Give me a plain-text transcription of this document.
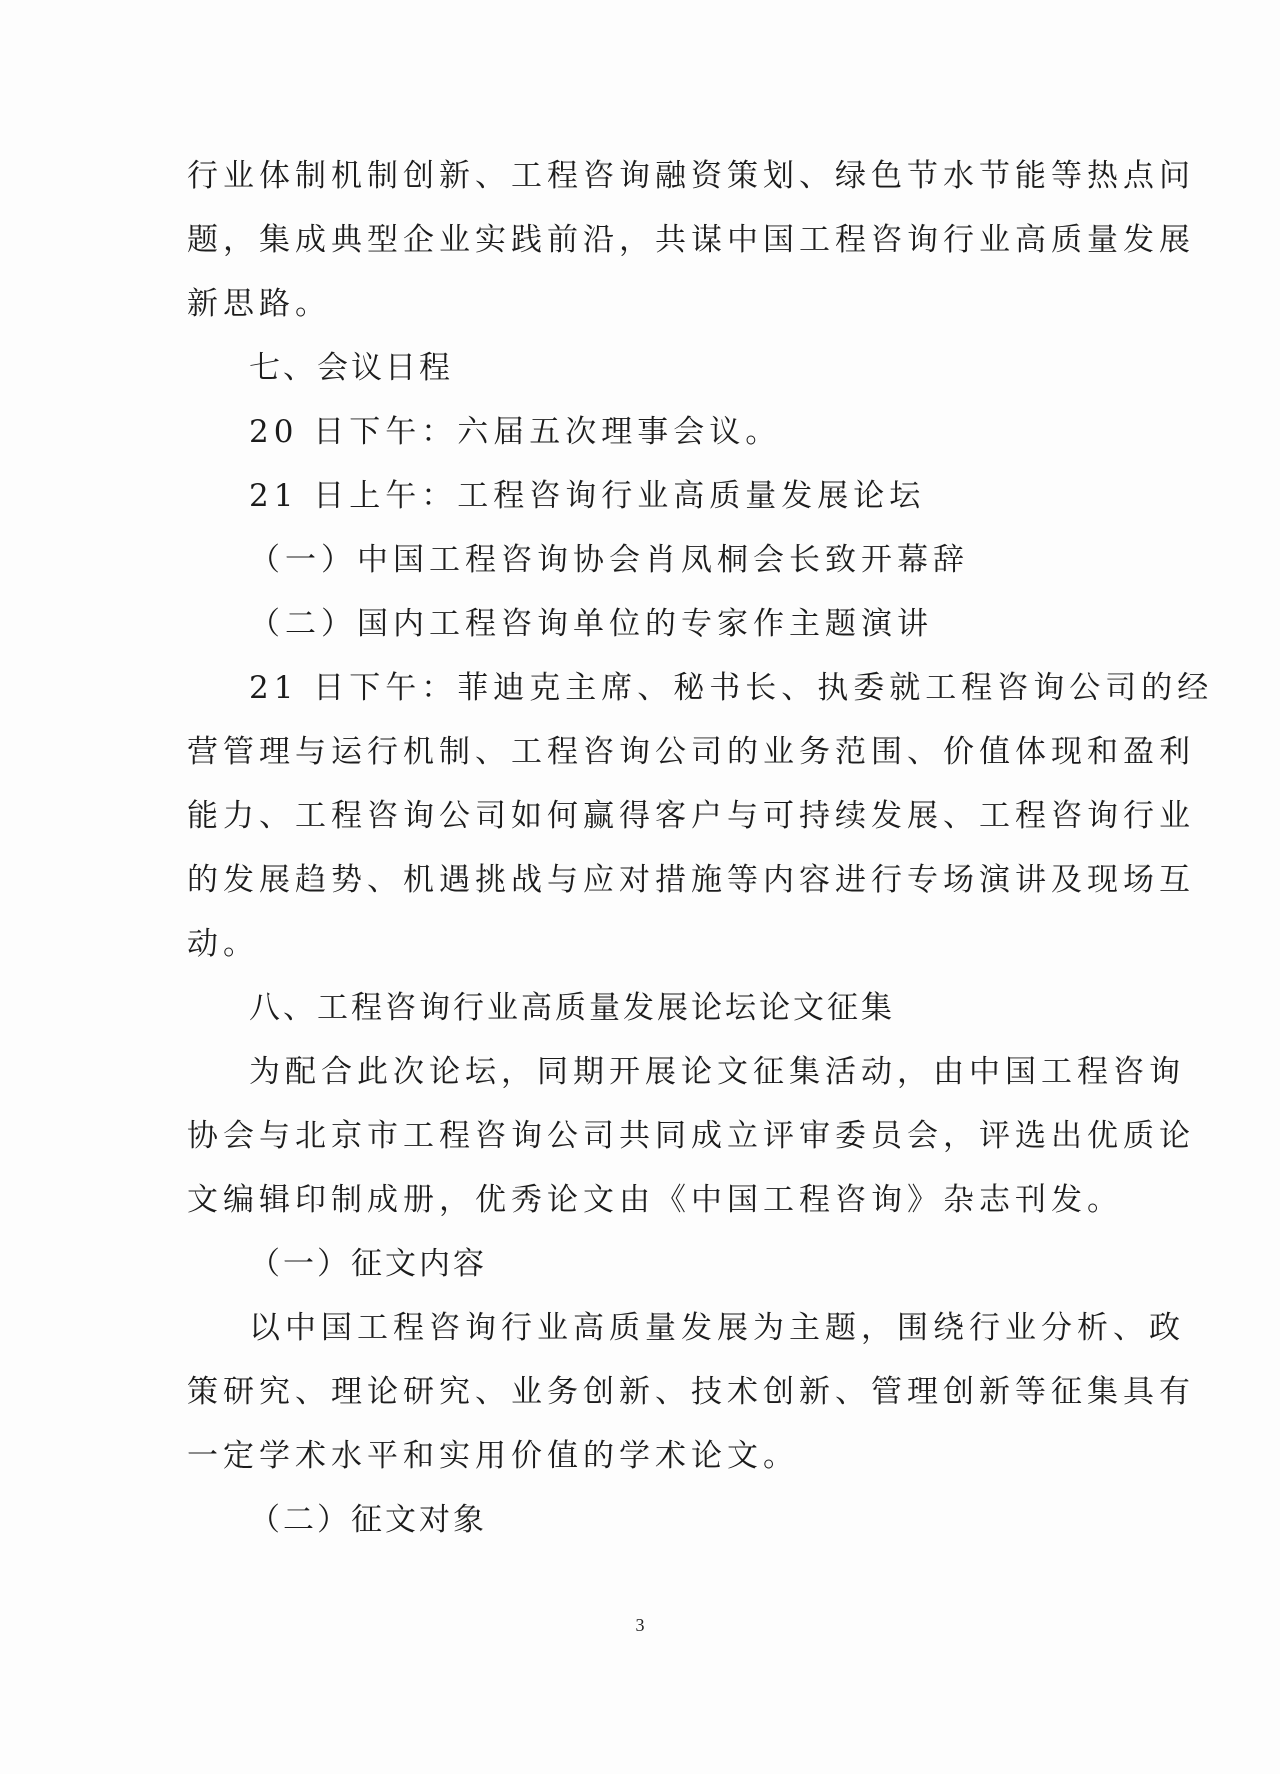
行业体制机制创新、工程咨询融资策划、绿色节水节能等热点问

题，集成典型企业实践前沿，共谋中国工程咨询行业高质量发展

新思路。

七、会议日程

20 日下午：六届五次理事会议。

21 日上午：工程咨询行业高质量发展论坛

（一）中国工程咨询协会肖凤桐会长致开幕辞

（二）国内工程咨询单位的专家作主题演讲

21 日下午：菲迪克主席、秘书长、执委就工程咨询公司的经

营管理与运行机制、工程咨询公司的业务范围、价值体现和盈利

能力、工程咨询公司如何赢得客户与可持续发展、工程咨询行业

的发展趋势、机遇挑战与应对措施等内容进行专场演讲及现场互

动。

八、工程咨询行业高质量发展论坛论文征集

为配合此次论坛，同期开展论文征集活动，由中国工程咨询

协会与北京市工程咨询公司共同成立评审委员会，评选出优质论

文编辑印制成册，优秀论文由《中国工程咨询》杂志刊发。

（一）征文内容

以中国工程咨询行业高质量发展为主题，围绕行业分析、政

策研究、理论研究、业务创新、技术创新、管理创新等征集具有

一定学术水平和实用价值的学术论文。

（二）征文对象

3
